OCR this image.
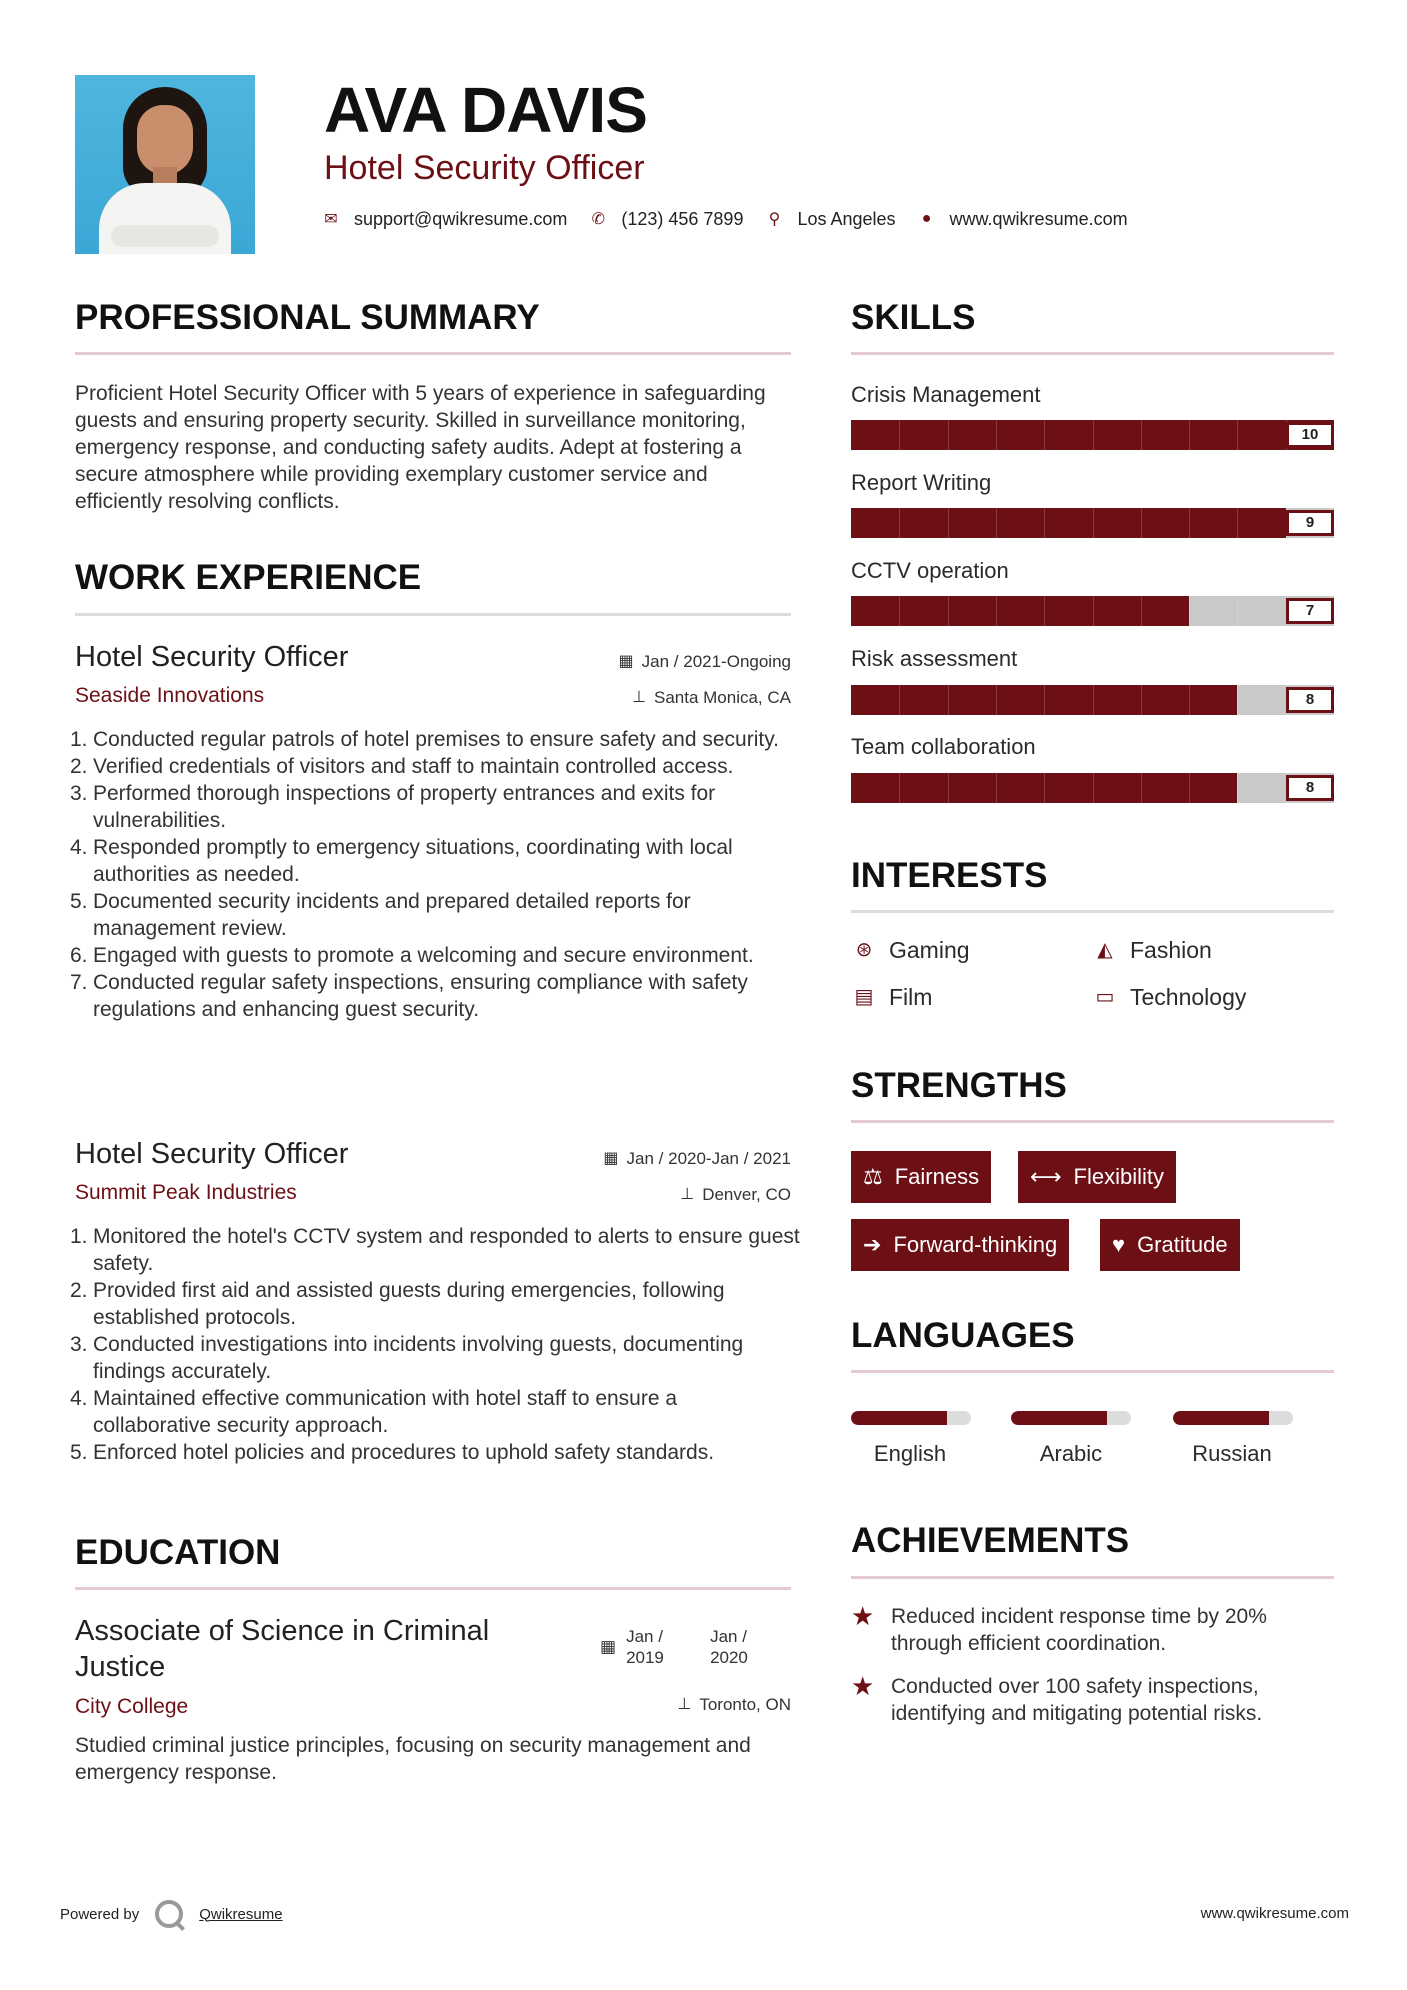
AVA DAVIS
Hotel Security Officer
✉ support@qwikresume.com ✆ (123) 456 7899 ⚲ Los Angeles ● www.qwikresume.com
PROFESSIONAL SUMMARY
Proficient Hotel Security Officer with 5 years of experience in safeguarding guests and ensuring property security. Skilled in surveillance monitoring, emergency response, and conducting safety audits. Adept at fostering a secure atmosphere while providing exemplary customer service and efficiently resolving conflicts.
WORK EXPERIENCE
Hotel Security Officer
Seaside Innovations
▦ Jan / 2021-Ongoing
⊥ Santa Monica, CA
1. Conducted regular patrols of hotel premises to ensure safety and security.
2. Verified credentials of visitors and staff to maintain controlled access.
3. Performed thorough inspections of property entrances and exits for vulnerabilities.
4. Responded promptly to emergency situations, coordinating with local authorities as needed.
5. Documented security incidents and prepared detailed reports for management review.
6. Engaged with guests to promote a welcoming and secure environment.
7. Conducted regular safety inspections, ensuring compliance with safety regulations and enhancing guest security.
Hotel Security Officer
Summit Peak Industries
▦ Jan / 2020-Jan / 2021
⊥ Denver, CO
1. Monitored the hotel's CCTV system and responded to alerts to ensure guest safety.
2. Provided first aid and assisted guests during emergencies, following established protocols.
3. Conducted investigations into incidents involving guests, documenting findings accurately.
4. Maintained effective communication with hotel staff to ensure a collaborative security approach.
5. Enforced hotel policies and procedures to uphold safety standards.
EDUCATION
Associate of Science in Criminal Justice
City College
▦
Jan / 2019
Jan / 2020
⊥ Toronto, ON
Studied criminal justice principles, focusing on security management and emergency response.
SKILLS
Crisis Management
10
Report Writing
9
CCTV operation
7
Risk assessment
8
Team collaboration
8
INTERESTS
⊛ Gaming	◭ Fashion
▤ Film	▭ Technology
STRENGTHS
⚖ Fairness ⟷ Flexibility
➔ Forward-thinking ♥ Gratitude
LANGUAGES
English	Arabic	Russian
ACHIEVEMENTS
★ Reduced incident response time by 20% through efficient coordination.
★ Conducted over 100 safety inspections, identifying and mitigating potential risks.
Powered by	Qwikresume	www.qwikresume.com
